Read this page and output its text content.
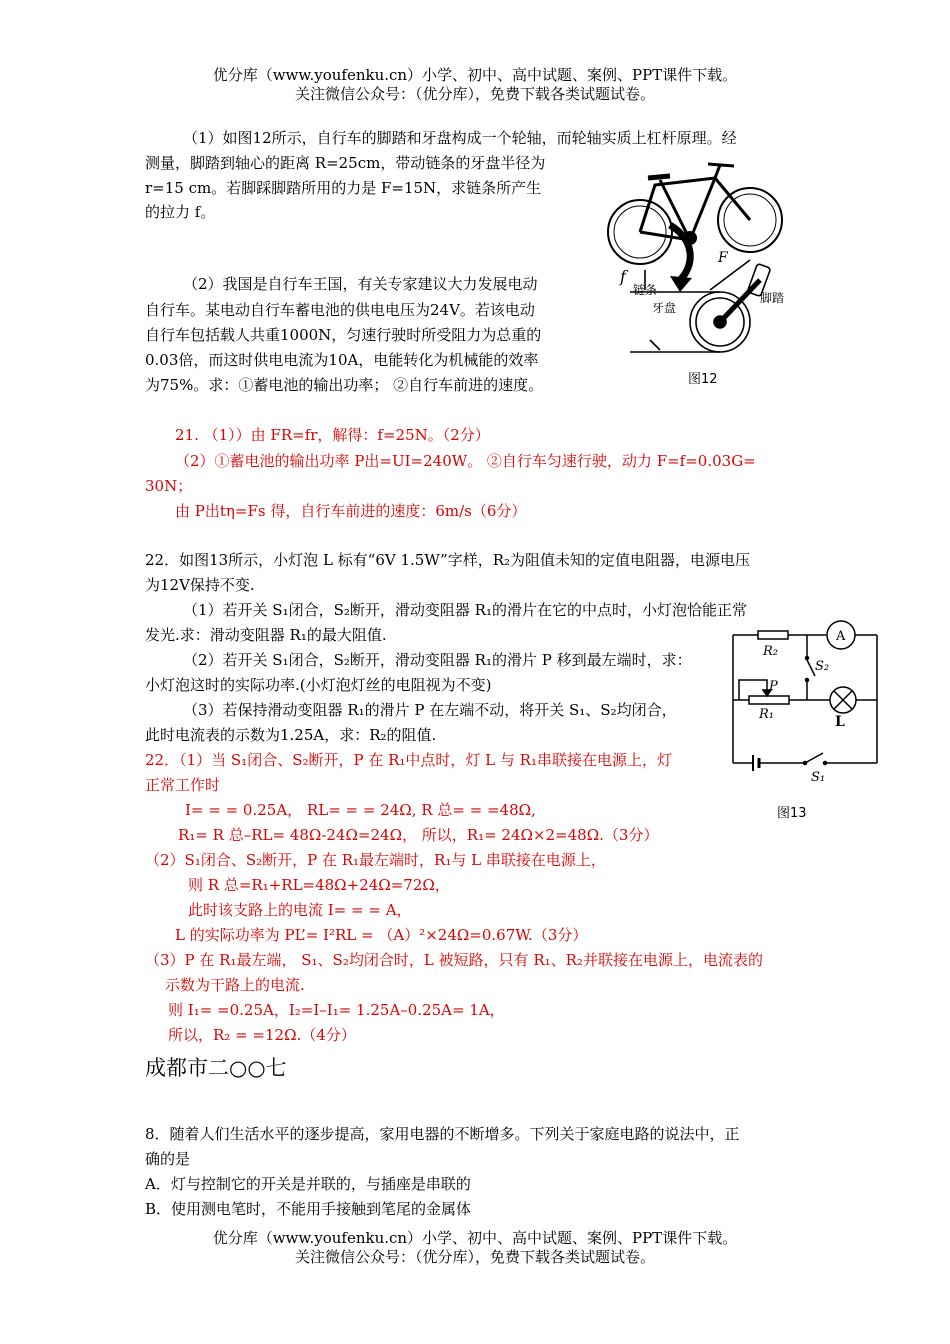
优分库（www.youfenku.cn）小学、初中、高中试题、案例、PPT课件下载。
关注微信公众号：（优分库），免费下载各类试题试卷。
（1）如图12所示，自行车的脚踏和牙盘构成一个轮轴，而轮轴实质上杠杆原理。经
测量，脚踏到轴心的距离 R=25cm，带动链条的牙盘半径为
r=15 cm。若脚踩脚踏所用的力是 F=15N，求链条所产生
的拉力 f。
（2）我国是自行车王国，有关专家建议大力发展电动
自行车。某电动自行车蓄电池的供电电压为24V。若该电动
自行车包括载人共重1000N，匀速行驶时所受阻力为总重的
0.03倍，而这时供电电流为10A，电能转化为机械能的效率
为75%。求：①蓄电池的输出功率； ②自行车前进的速度。
f
F
链条
脚踏
牙盘
图12
21. （1））由 FR=fr，解得：f=25N。（2分）
（2）①蓄电池的输出功率 P出=UI=240W。 ②自行车匀速行驶，动力 F=f=0.03G=
30N；
由 P出tη=Fs 得，自行车前进的速度：6m/s（6分）
22．如图13所示，小灯泡 L 标有“6V 1.5W”字样，R₂为阻值未知的定值电阻器，电源电压
为12V保持不变.
（1）若开关 S₁闭合，S₂断开，滑动变阻器 R₁的滑片在它的中点时，小灯泡恰能正常
发光.求：滑动变阻器 R₁的最大阻值.
（2）若开关 S₁闭合，S₂断开，滑动变阻器 R₁的滑片 P 移到最左端时，求：
小灯泡这时的实际功率.(小灯泡灯丝的电阻视为不变)
（3）若保持滑动变阻器 R₁的滑片 P 在左端不动，将开关 S₁、S₂均闭合，
此时电流表的示数为1.25A，求：R₂的阻值.
R₂
A
S₂
P
R₁	L
S₁
图13
22．（1）当 S₁闭合、S₂断开，P 在 R₁中点时，灯 L 与 R₁串联接在电源上，灯
正常工作时
I= = = 0.25A， RL= = = 24Ω, R 总= = =48Ω,
R₁= R 总–RL= 48Ω-24Ω=24Ω， 所以，R₁= 24Ω×2=48Ω.（3分）
（2）S₁闭合、S₂断开，P 在 R₁最左端时，R₁与 L 串联接在电源上，
则 R 总=R₁+RL=48Ω+24Ω=72Ω，
此时该支路上的电流 I= = = A，
L 的实际功率为 PL’= I²RL = （A）²×24Ω=0.67W.（3分）
（3）P 在 R₁最左端， S₁、S₂均闭合时，L 被短路，只有 R₁、R₂并联接在电源上，电流表的
示数为干路上的电流.
则 I₁= =0.25A，I₂=I–I₁= 1.25A–0.25A= 1A，
所以，R₂ = =12Ω.（4分）
成都市二○○七
8．随着人们生活水平的逐步提高，家用电器的不断增多。下列关于家庭电路的说法中，正
确的是
A．灯与控制它的开关是并联的，与插座是串联的
B．使用测电笔时，不能用手接触到笔尾的金属体
优分库（www.youfenku.cn）小学、初中、高中试题、案例、PPT课件下载。
关注微信公众号：（优分库），免费下载各类试题试卷。
